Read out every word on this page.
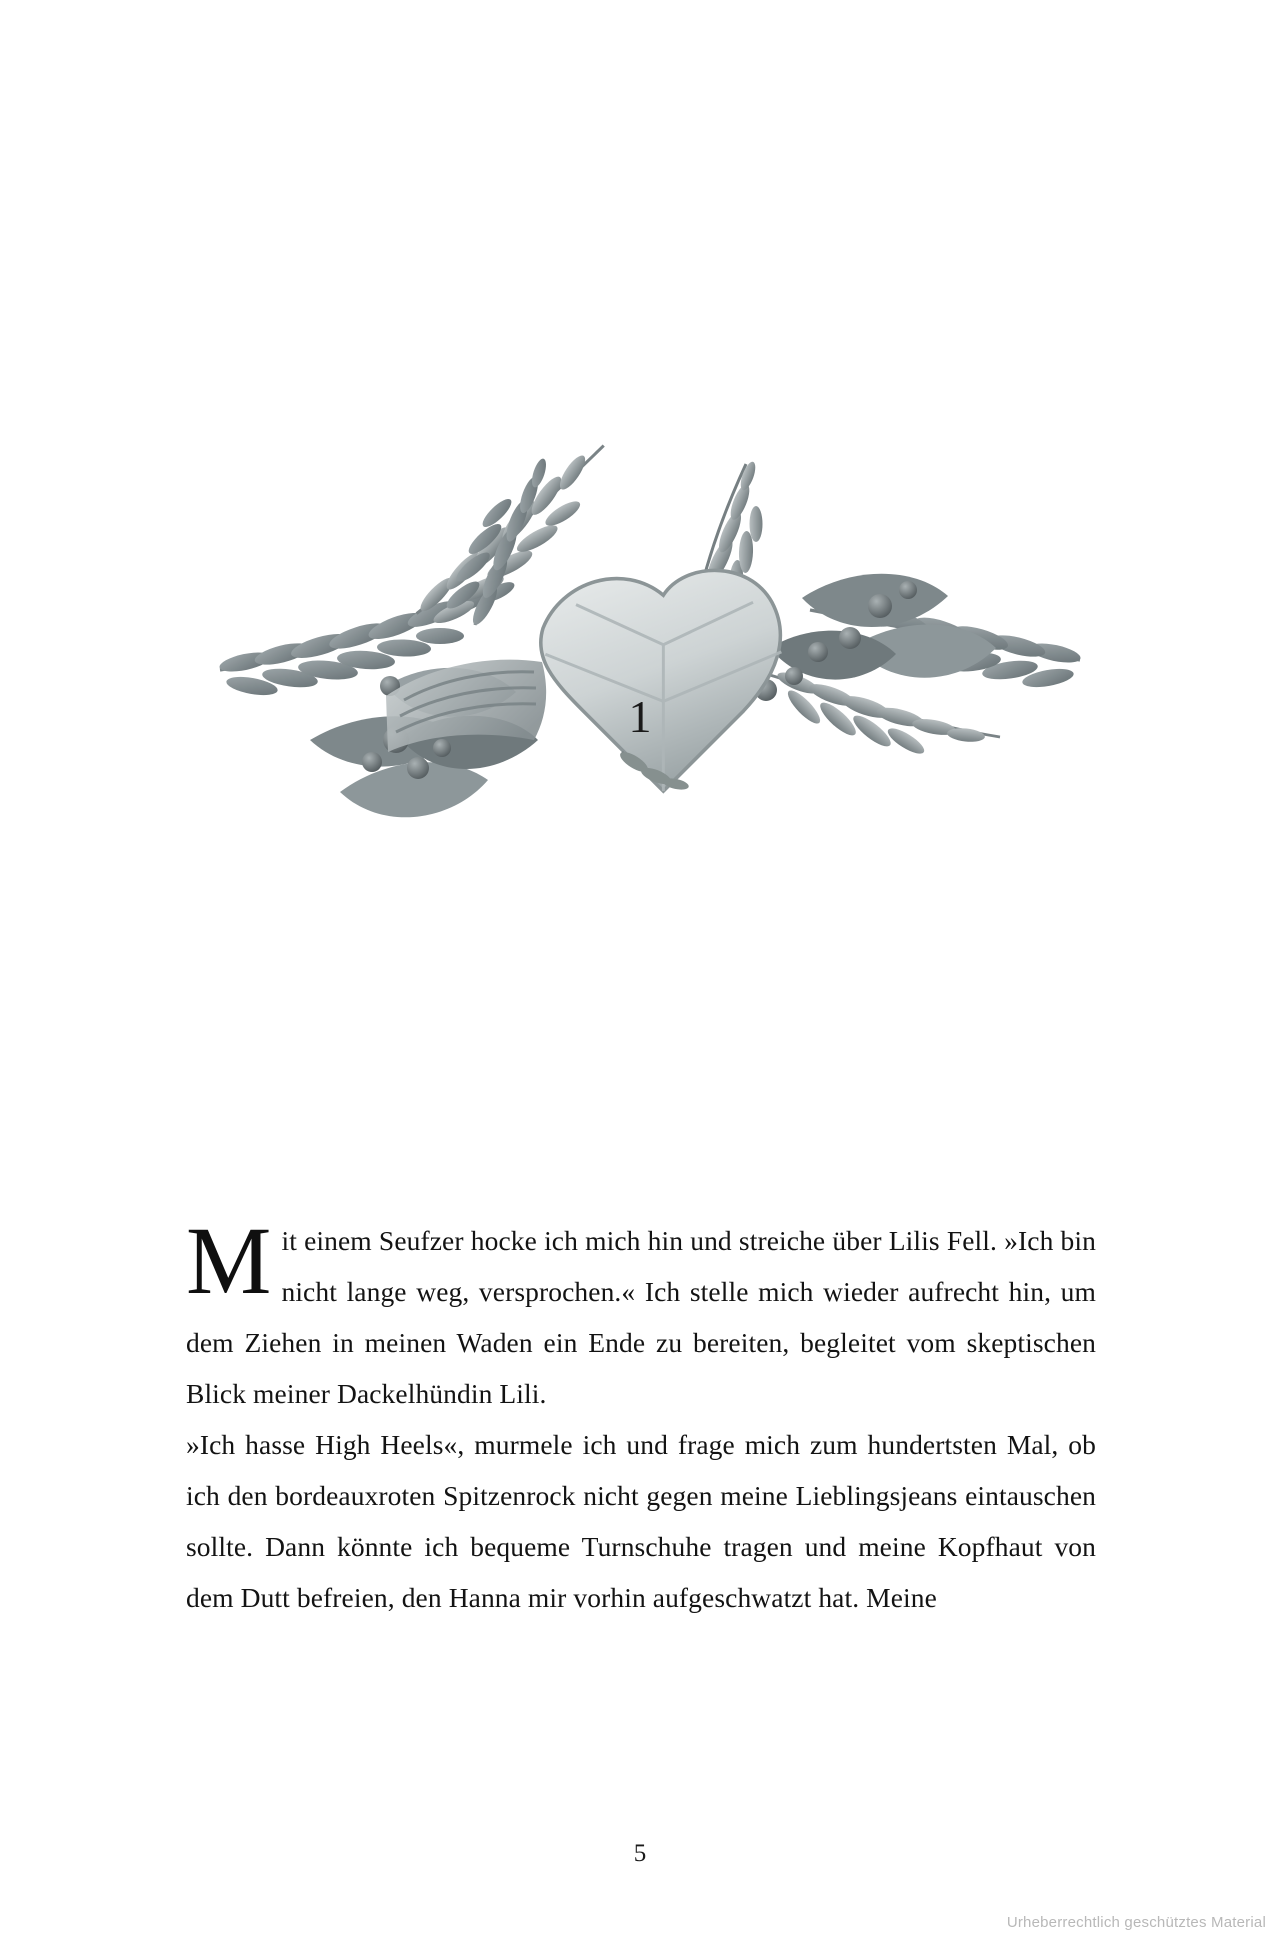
1

Mit einem Seufzer hocke ich mich hin und streiche über Lilis Fell. »Ich bin nicht lange weg, versprochen.« Ich stelle mich wieder aufrecht hin, um dem Ziehen in meinen Waden ein Ende zu bereiten, begleitet vom skeptischen Blick meiner Dackelhündin Lili.

»Ich hasse High Heels«, murmele ich und frage mich zum hundertsten Mal, ob ich den bordeauxroten Spitzenrock nicht gegen meine Lieblingsjeans eintauschen sollte. Dann könnte ich bequeme Turnschuhe tragen und meine Kopfhaut von dem Dutt befreien, den Hanna mir vorhin aufgeschwatzt hat. Meine

5
Urheberrechtlich geschütztes Material
